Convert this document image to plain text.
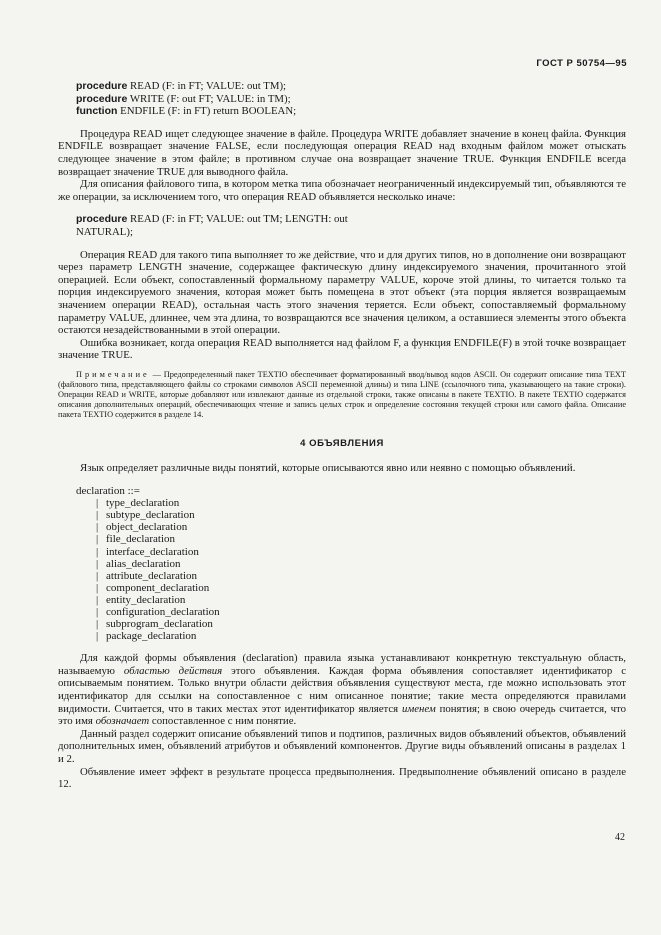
ГОСТ Р 50754—95
procedure READ (F: in FT; VALUE: out TM);
procedure WRITE (F: out FT; VALUE: in TM);
function ENDFILE (F: in FT) return BOOLEAN;

Процедура READ ищет следующее значение в файле. Процедура WRITE добавляет значение в конец файла. Функция ENDFILE возвращает значение FALSE, если последующая операция READ над входным файлом может отыскать следующее значение в этом файле; в противном случае она возвращает значение TRUE. Функция ENDFILE всегда возвращает значение TRUE для выводного файла.

Для описания файлового типа, в котором метка типа обозначает неограниченный индексируемый тип, объявляются те же операции, за исключением того, что операция READ объявляется несколько иначе:

procedure READ (F: in FT; VALUE: out TM; LENGTH: out
NATURAL);

Операция READ для такого типа выполняет то же действие, что и для других типов, но в дополнение они возвращают через параметр LENGTH значение, содержащее фактическую длину индексируемого значения, прочитанного этой операцией. Если объект, сопоставленный формальному параметру VALUE, короче этой длины, то читается только та порция индексируемого значения, которая может быть помещена в этот объект (эта порция является возвращаемым значением операции READ), остальная часть этого значения теряется. Если объект, сопоставляемый формальному параметру VALUE, длиннее, чем эта длина, то возвращаются все значения целиком, а оставшиеся элементы этого объекта остаются незадействованными в этой операции.

Ошибка возникает, когда операция READ выполняется над файлом F, а функция ENDFILE(F) в этой точке возвращает значение TRUE.

Примечание — Предопределенный пакет TEXTIO обеспечивает форматированный ввод/вывод кодов ASCII. Он содержит описание типа TEXT (файлового типа, представляющего файлы со строками символов ASCII переменной длины) и типа LINE (ссылочного типа, указывающего на такие строки). Операции READ и WRITE, которые добавляют или извлекают данные из отдельной строки, также описаны в пакете TEXTIO. В пакете TEXTIO содержатся описания дополнительных операций, обеспечивающих чтение и запись целых строк и определение состояния текущей строки или самого файла. Описание пакета TEXTIO содержится в разделе 14.

4 ОБЪЯВЛЕНИЯ

Язык определяет различные виды понятий, которые описываются явно или неявно с помощью объявлений.

declaration ::=
| type_declaration
| subtype_declaration
| object_declaration
| file_declaration
| interface_declaration
| alias_declaration
| attribute_declaration
| component_declaration
| entity_declaration
| configuration_declaration
| subprogram_declaration
| package_declaration

Для каждой формы объявления (declaration) правила языка устанавливают конкретную текстуальную область, называемую областью действия этого объявления. Каждая форма объявления сопоставляет идентификатор с описываемым понятием. Только внутри области действия объявления существуют места, где можно использовать этот идентификатор для ссылки на сопоставленное с ним описанное понятие; такие места определяются правилами видимости. Считается, что в таких местах этот идентификатор является именем понятия; в свою очередь считается, что это имя обозначает сопоставленное с ним понятие.

Данный раздел содержит описание объявлений типов и подтипов, различных видов объявлений объектов, объявлений дополнительных имен, объявлений атрибутов и объявлений компонентов. Другие виды объявлений описаны в разделах 1 и 2.

Объявление имеет эффект в результате процесса предвыполнения. Предвыполнение объявлений описано в разделе 12.

42
